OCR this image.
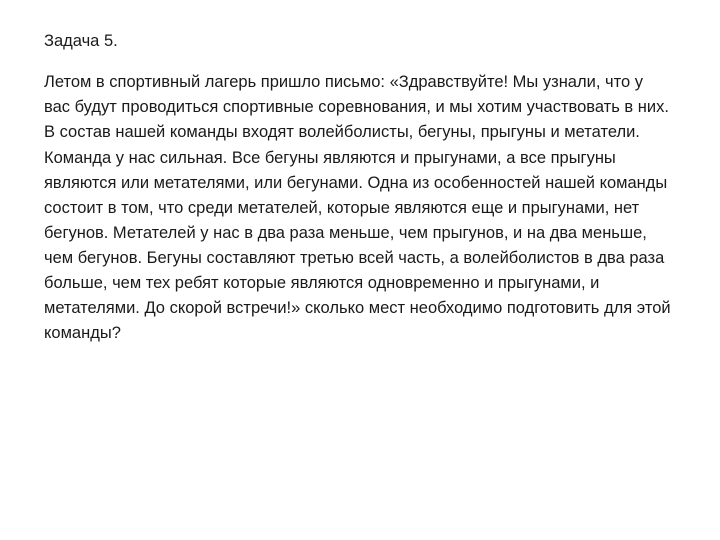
Задача 5.

Летом в спортивный лагерь пришло письмо: «Здравствуйте! Мы узнали, что у вас будут проводиться спортивные соревнования, и мы хотим участвовать в них. В состав нашей команды входят волейболисты, бегуны, прыгуны и метатели. Команда у нас сильная. Все бегуны являются и прыгунами, а все прыгуны являются или метателями, или бегунами. Одна из особенностей нашей команды состоит в том, что среди метателей, которые являются еще и прыгунами, нет бегунов. Метателей у нас в два раза меньше, чем прыгунов, и на два меньше, чем бегунов. Бегуны составляют третью всей часть, а волейболистов в два раза больше, чем тех ребят которые являются одновременно и прыгунами, и метателями. До скорой встречи!» сколько мест необходимо подготовить для этой команды?
